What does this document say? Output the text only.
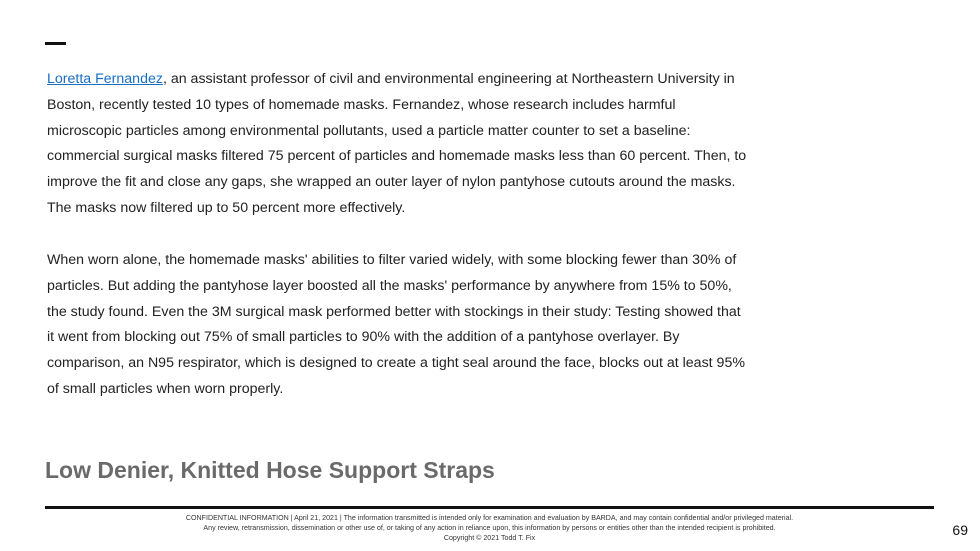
Loretta Fernandez, an assistant professor of civil and environmental engineering at Northeastern University in Boston, recently tested 10 types of homemade masks. Fernandez, whose research includes harmful microscopic particles among environmental pollutants, used a particle matter counter to set a baseline: commercial surgical masks filtered 75 percent of particles and homemade masks less than 60 percent. Then, to improve the fit and close any gaps, she wrapped an outer layer of nylon pantyhose cutouts around the masks. The masks now filtered up to 50 percent more effectively.

When worn alone, the homemade masks' abilities to filter varied widely, with some blocking fewer than 30% of particles. But adding the pantyhose layer boosted all the masks' performance by anywhere from 15% to 50%, the study found. Even the 3M surgical mask performed better with stockings in their study: Testing showed that it went from blocking out 75% of small particles to 90% with the addition of a pantyhose overlayer. By comparison, an N95 respirator, which is designed to create a tight seal around the face, blocks out at least 95% of small particles when worn properly.

Low Denier, Knitted Hose Support Straps
CONFIDENTIAL INFORMATION | April 21, 2021 | The information transmitted is intended only for examination and evaluation by BARDA, and may contain confidential and/or privileged material.
Any review, retransmission, dissemination or other use of, or taking of any action in reliance upon, this information by persons or entities other than the intended recipient is prohibited.
Copyright © 2021 Todd T. Fix
69
